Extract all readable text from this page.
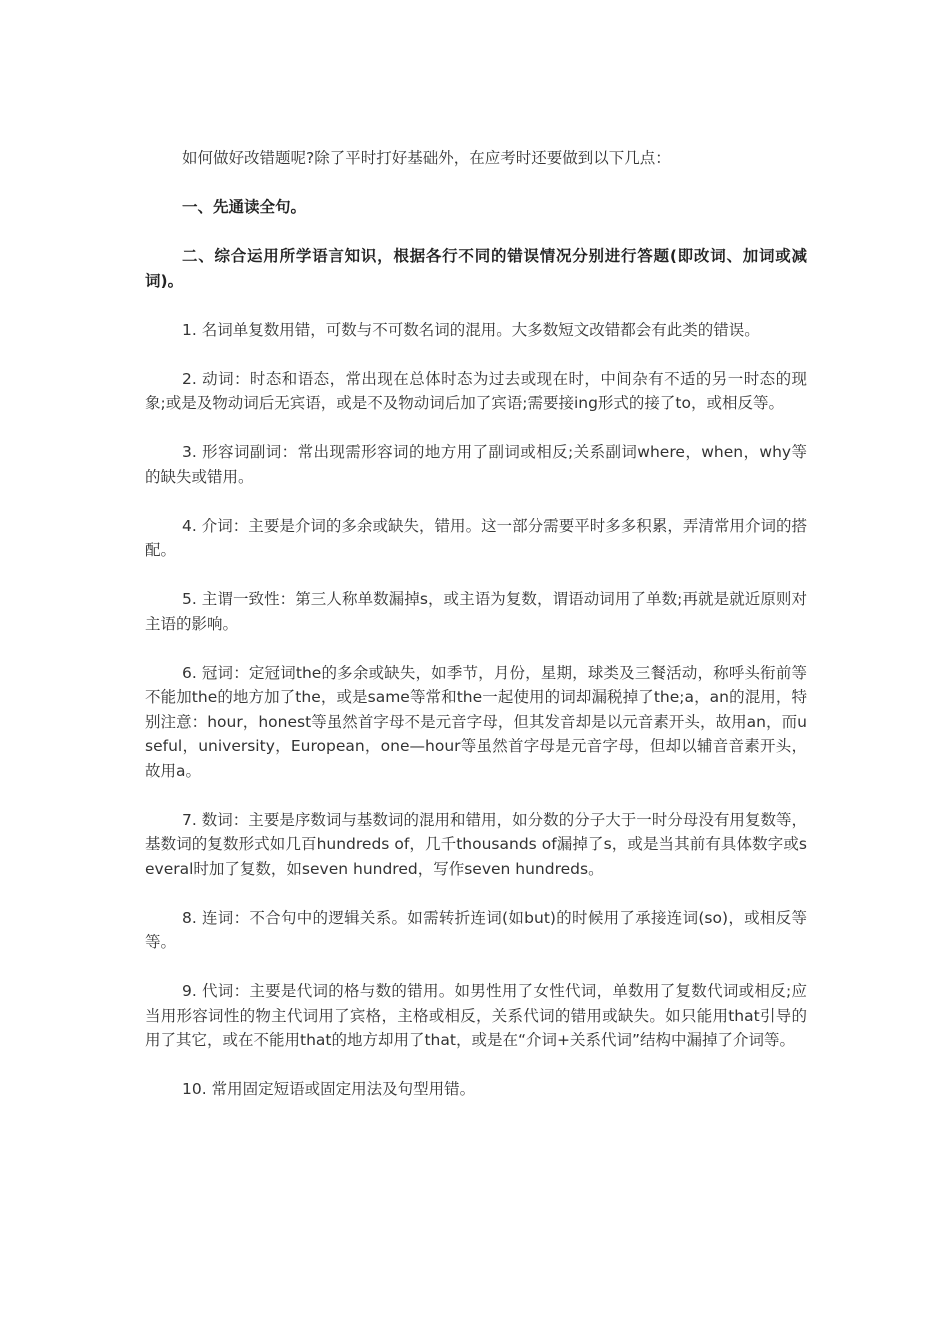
如何做好改错题呢?除了平时打好基础外，在应考时还要做到以下几点：

一、先通读全句。

二、综合运用所学语言知识，根据各行不同的错误情况分别进行答题(即改词、加词或减词)。

1. 名词单复数用错，可数与不可数名词的混用。大多数短文改错都会有此类的错误。

2. 动词：时态和语态，常出现在总体时态为过去或现在时，中间杂有不适的另一时态的现象;或是及物动词后无宾语，或是不及物动词后加了宾语;需要接ing形式的接了to，或相反等。

3. 形容词副词：常出现需形容词的地方用了副词或相反;关系副词where，when，why等的缺失或错用。

4. 介词：主要是介词的多余或缺失，错用。这一部分需要平时多多积累，弄清常用介词的搭配。

5. 主谓一致性：第三人称单数漏掉s，或主语为复数，谓语动词用了单数;再就是就近原则对主语的影响。

6. 冠词：定冠词the的多余或缺失，如季节，月份，星期，球类及三餐活动，称呼头衔前等不能加the的地方加了the，或是same等常和the一起使用的词却漏税掉了the;a，an的混用，特别注意：hour，honest等虽然首字母不是元音字母，但其发音却是以元音素开头，故用an，而useful，university，European，one—hour等虽然首字母是元音字母，但却以辅音音素开头，故用a。

7. 数词：主要是序数词与基数词的混用和错用，如分数的分子大于一时分母没有用复数等，基数词的复数形式如几百hundreds of，几千thousands of漏掉了s，或是当其前有具体数字或several时加了复数，如seven hundred，写作seven hundreds。

8. 连词：不合句中的逻辑关系。如需转折连词(如but)的时候用了承接连词(so)，或相反等等。

9. 代词：主要是代词的格与数的错用。如男性用了女性代词，单数用了复数代词或相反;应当用形容词性的物主代词用了宾格，主格或相反，关系代词的错用或缺失。如只能用that引导的用了其它，或在不能用that的地方却用了that，或是在“介词+关系代词”结构中漏掉了介词等。

10. 常用固定短语或固定用法及句型用错。
